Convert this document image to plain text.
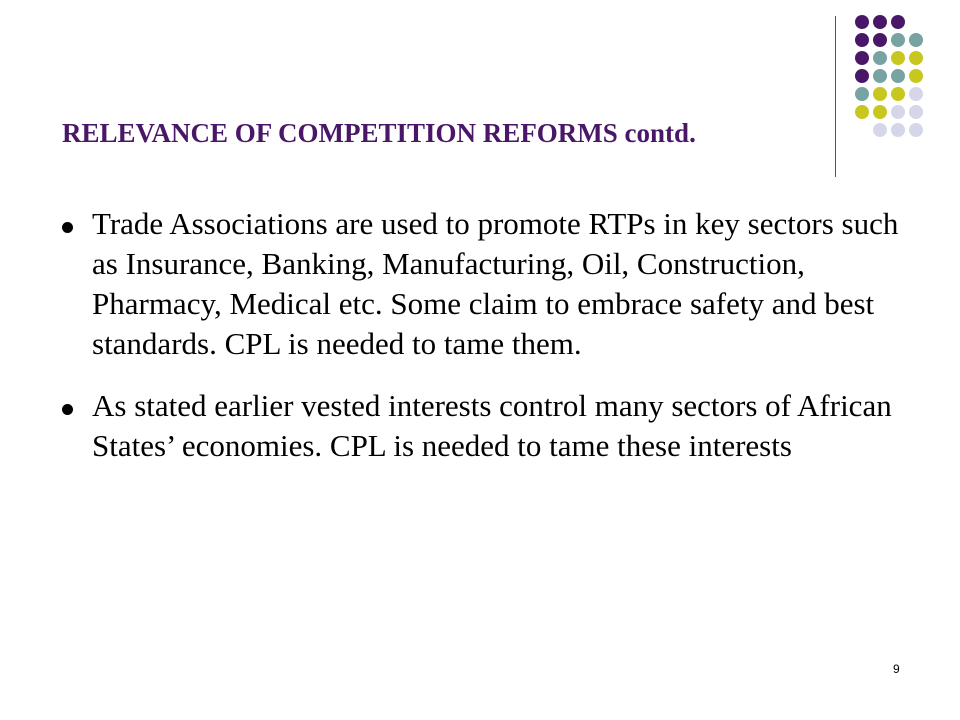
RELEVANCE OF COMPETITION REFORMS contd.
Trade Associations are used to promote RTPs in key sectors such as Insurance, Banking, Manufacturing, Oil, Construction, Pharmacy, Medical etc. Some claim to embrace safety and best standards. CPL is needed to tame them.
As stated earlier vested interests control many sectors of African States’ economies. CPL is needed to tame these interests
9
